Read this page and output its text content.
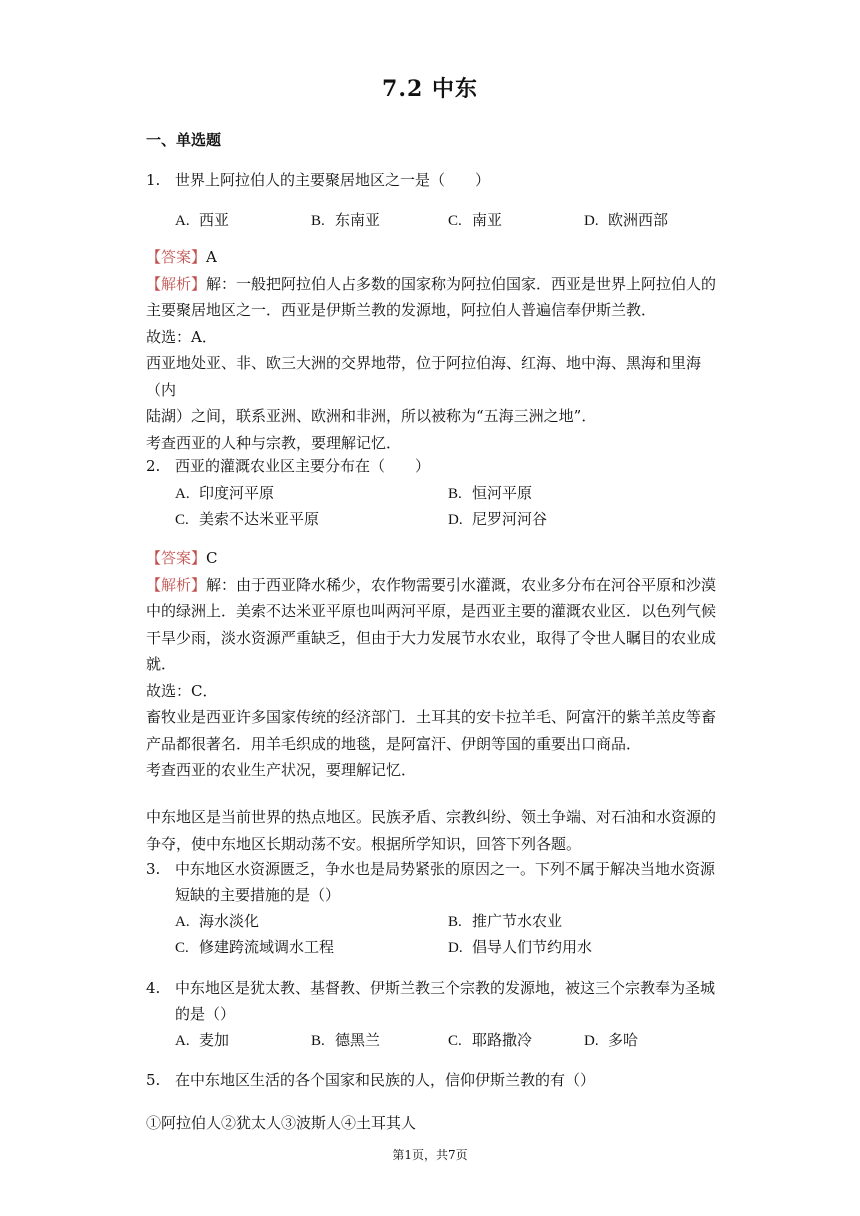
7.2 中东
一、单选题
1. 世界上阿拉伯人的主要聚居地区之一是（　　）
A. 西亚	B. 东南亚	C. 南亚	D. 欧洲西部
【答案】A
【解析】解：一般把阿拉伯人占多数的国家称为阿拉伯国家．西亚是世界上阿拉伯人的
主要聚居地区之一．西亚是伊斯兰教的发源地，阿拉伯人普遍信奉伊斯兰教．
故选：A．
西亚地处亚、非、欧三大洲的交界地带，位于阿拉伯海、红海、地中海、黑海和里海（内
陆湖）之间，联系亚洲、欧洲和非洲，所以被称为“五海三洲之地”．
考查西亚的人种与宗教，要理解记忆．
2. 西亚的灌溉农业区主要分布在（　　）
A. 印度河平原	B. 恒河平原
C. 美索不达米亚平原	D. 尼罗河河谷
【答案】C
【解析】解：由于西亚降水稀少，农作物需要引水灌溉，农业多分布在河谷平原和沙漠
中的绿洲上．美索不达米亚平原也叫两河平原，是西亚主要的灌溉农业区．以色列气候
干旱少雨，淡水资源严重缺乏，但由于大力发展节水农业，取得了令世人瞩目的农业成
就．
故选：C．
畜牧业是西亚许多国家传统的经济部门．土耳其的安卡拉羊毛、阿富汗的紫羊羔皮等畜
产品都很著名．用羊毛织成的地毯，是阿富汗、伊朗等国的重要出口商品．
考查西亚的农业生产状况，要理解记忆．
中东地区是当前世界的热点地区。民族矛盾、宗教纠纷、领土争端、对石油和水资源的
争夺，使中东地区长期动荡不安。根据所学知识，回答下列各题。
3. 中东地区水资源匮乏，争水也是局势紧张的原因之一。下列不属于解决当地水资源
短缺的主要措施的是（）
A. 海水淡化	B. 推广节水农业
C. 修建跨流域调水工程	D. 倡导人们节约用水
4. 中东地区是犹太教、基督教、伊斯兰教三个宗教的发源地，被这三个宗教奉为圣城
的是（）
A. 麦加	B. 德黑兰	C. 耶路撒冷	D. 多哈
5. 在中东地区生活的各个国家和民族的人，信仰伊斯兰教的有（）
①阿拉伯人②犹太人③波斯人④土耳其人
第1页，共7页
